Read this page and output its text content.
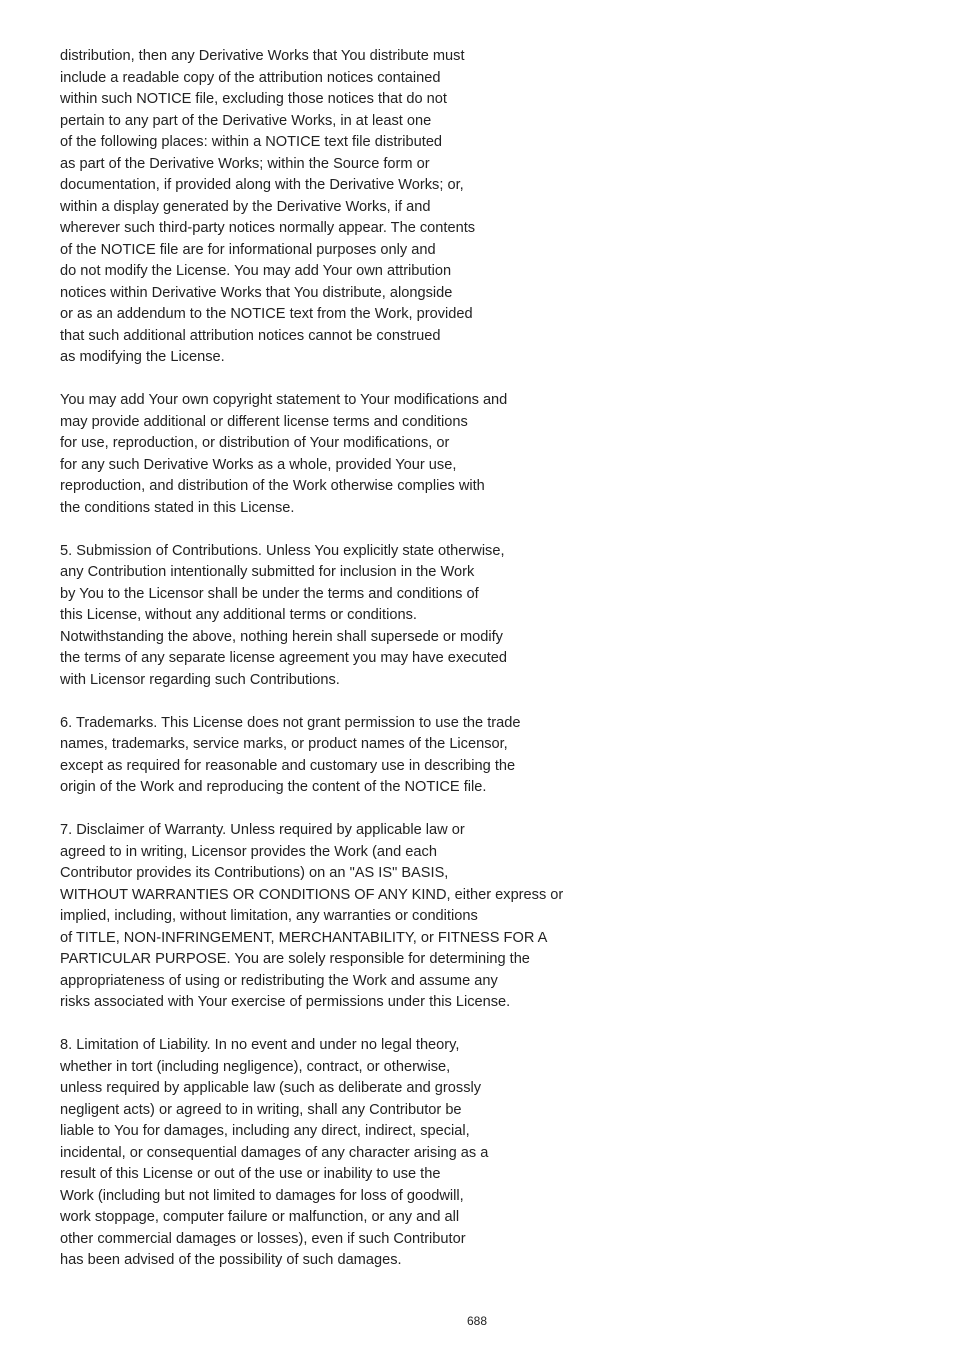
distribution, then any Derivative Works that You distribute must
include a readable copy of the attribution notices contained
within such NOTICE file, excluding those notices that do not
pertain to any part of the Derivative Works, in at least one
of the following places: within a NOTICE text file distributed
as part of the Derivative Works; within the Source form or
documentation, if provided along with the Derivative Works; or,
within a display generated by the Derivative Works, if and
wherever such third-party notices normally appear. The contents
of the NOTICE file are for informational purposes only and
do not modify the License. You may add Your own attribution
notices within Derivative Works that You distribute, alongside
or as an addendum to the NOTICE text from the Work, provided
that such additional attribution notices cannot be construed
as modifying the License.
You may add Your own copyright statement to Your modifications and
may provide additional or different license terms and conditions
for use, reproduction, or distribution of Your modifications, or
for any such Derivative Works as a whole, provided Your use,
reproduction, and distribution of the Work otherwise complies with
the conditions stated in this License.
5. Submission of Contributions. Unless You explicitly state otherwise,
any Contribution intentionally submitted for inclusion in the Work
by You to the Licensor shall be under the terms and conditions of
this License, without any additional terms or conditions.
Notwithstanding the above, nothing herein shall supersede or modify
the terms of any separate license agreement you may have executed
with Licensor regarding such Contributions.
6. Trademarks. This License does not grant permission to use the trade
names, trademarks, service marks, or product names of the Licensor,
except as required for reasonable and customary use in describing the
origin of the Work and reproducing the content of the NOTICE file.
7. Disclaimer of Warranty. Unless required by applicable law or
agreed to in writing, Licensor provides the Work (and each
Contributor provides its Contributions) on an "AS IS" BASIS,
WITHOUT WARRANTIES OR CONDITIONS OF ANY KIND, either express or
implied, including, without limitation, any warranties or conditions
of TITLE, NON-INFRINGEMENT, MERCHANTABILITY, or FITNESS FOR A
PARTICULAR PURPOSE. You are solely responsible for determining the
appropriateness of using or redistributing the Work and assume any
risks associated with Your exercise of permissions under this License.
8. Limitation of Liability. In no event and under no legal theory,
whether in tort (including negligence), contract, or otherwise,
unless required by applicable law (such as deliberate and grossly
negligent acts) or agreed to in writing, shall any Contributor be
liable to You for damages, including any direct, indirect, special,
incidental, or consequential damages of any character arising as a
result of this License or out of the use or inability to use the
Work (including but not limited to damages for loss of goodwill,
work stoppage, computer failure or malfunction, or any and all
other commercial damages or losses), even if such Contributor
has been advised of the possibility of such damages.
688
